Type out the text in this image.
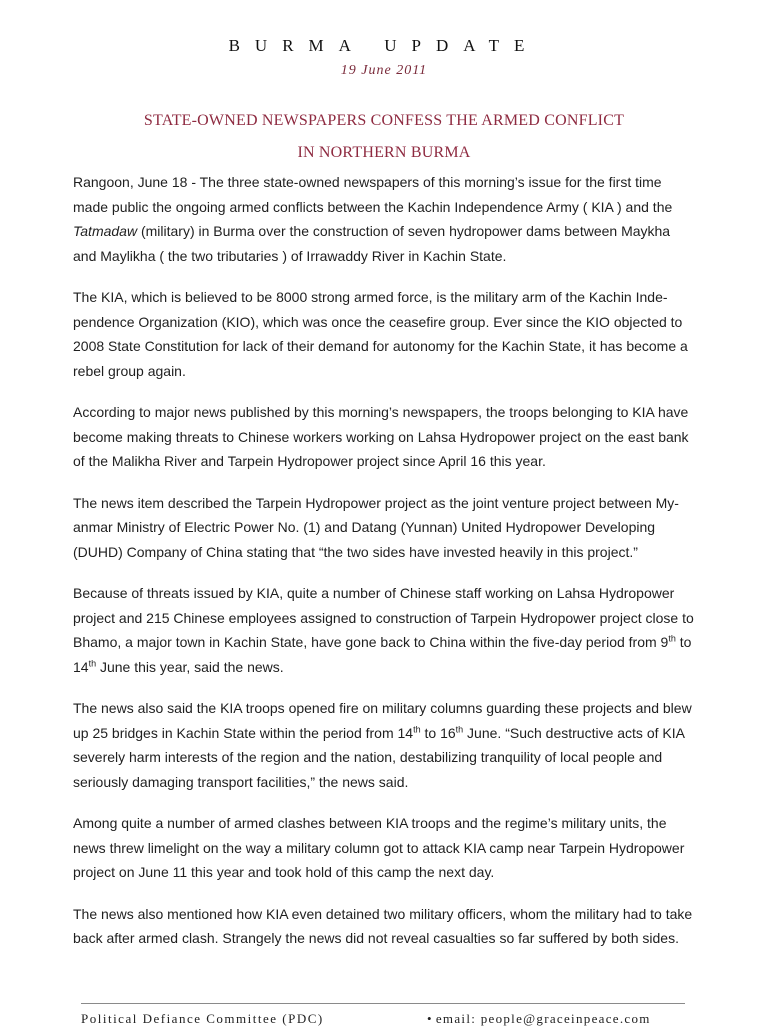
BURMA UPDATE
19 June 2011
STATE-OWNED NEWSPAPERS CONFESS THE ARMED CONFLICT
IN NORTHERN BURMA

Rangoon, June 18 - The three state-owned newspapers of this morning’s issue for the first time made public the ongoing armed conflicts between the Kachin Independence Army ( KIA ) and the Tatmadaw (military) in Burma over the construction of seven hydropower dams between Maykha and Maylikha ( the two tributaries ) of Irrawaddy River in Kachin State.

The KIA, which is believed to be 8000 strong armed force, is the military arm of the Kachin Inde-pendence Organization (KIO), which was once the ceasefire group. Ever since the KIO objected to 2008 State Constitution for lack of their demand for autonomy for the Kachin State, it has become a rebel group again.

According to major news published by this morning’s newspapers, the troops belonging to KIA have become making threats to Chinese workers working on Lahsa Hydropower project on the east bank of the Malikha River and Tarpein Hydropower project since April 16 this year.

The news item described the Tarpein Hydropower project as the joint venture project between My-anmar Ministry of Electric Power No. (1) and Datang (Yunnan) United Hydropower Developing (DUHD) Company of China stating that “the two sides have invested heavily in this project.”

Because of threats issued by KIA, quite a number of Chinese staff working on Lahsa Hydropower project and 215 Chinese employees assigned to construction of Tarpein Hydropower project close to Bhamo, a major town in Kachin State, have gone back to China within the five-day period from 9th to 14th June this year, said the news.

The news also said the KIA troops opened fire on military columns guarding these projects and blew up 25 bridges in Kachin State within the period from 14th to 16th June. “Such destructive acts of KIA severely harm interests of the region and the nation, destabilizing tranquility of local people and seriously damaging transport facilities,” the news said.

Among quite a number of armed clashes between KIA troops and the regime’s military units, the news threw limelight on the way a military column got to attack KIA camp near Tarpein Hydropower project on June 11 this year and took hold of this camp the next day.

The news also mentioned how KIA even detained two military officers, whom the military had to take back after armed clash. Strangely the news did not reveal casualties so far suffered by both sides.

Political Defiance Committee (PDC)	• email: people@graceinpeace.com
